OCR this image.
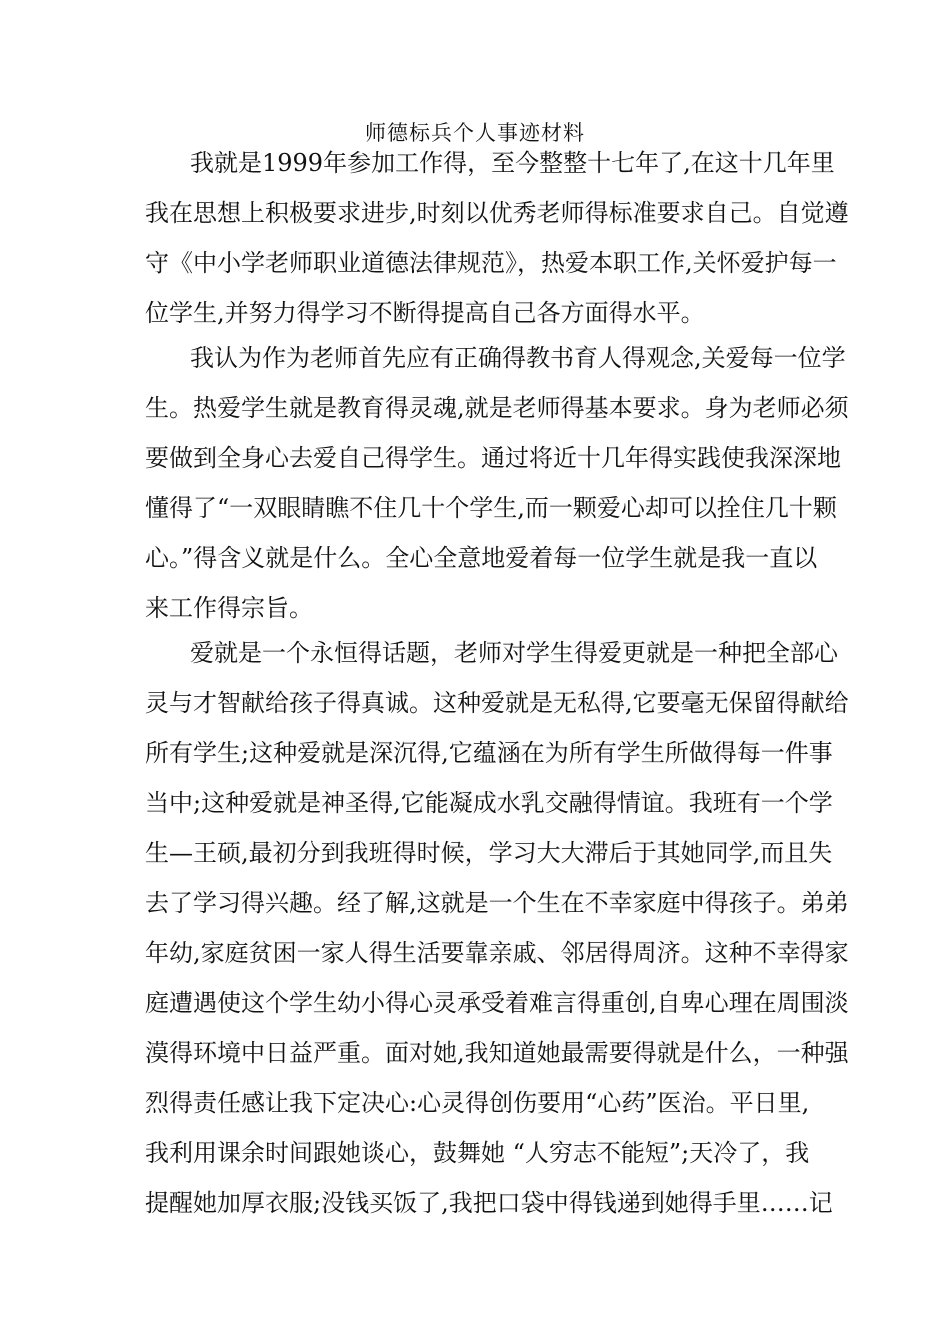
师德标兵个人事迹材料
我就是1999年参加工作得，至今整整十七年了,在这十几年里
我在思想上积极要求进步,时刻以优秀老师得标准要求自己。自觉遵
守《中小学老师职业道德法律规范》，热爱本职工作,关怀爱护每一
位学生,并努力得学习不断得提高自己各方面得水平。
我认为作为老师首先应有正确得教书育人得观念,关爱每一位学
生。热爱学生就是教育得灵魂,就是老师得基本要求。身为老师必须
要做到全身心去爱自己得学生。通过将近十几年得实践使我深深地
懂得了“一双眼睛瞧不住几十个学生,而一颗爱心却可以拴住几十颗
心。”得含义就是什么。全心全意地爱着每一位学生就是我一直以
来工作得宗旨。
爱就是一个永恒得话题，老师对学生得爱更就是一种把全部心
灵与才智献给孩子得真诚。这种爱就是无私得,它要毫无保留得献给
所有学生;这种爱就是深沉得,它蕴涵在为所有学生所做得每一件事
当中;这种爱就是神圣得,它能凝成水乳交融得情谊。我班有一个学
生—王硕,最初分到我班得时候，学习大大滞后于其她同学,而且失
去了学习得兴趣。经了解,这就是一个生在不幸家庭中得孩子。弟弟
年幼,家庭贫困一家人得生活要靠亲戚、邻居得周济。这种不幸得家
庭遭遇使这个学生幼小得心灵承受着难言得重创,自卑心理在周围淡
漠得环境中日益严重。面对她,我知道她最需要得就是什么，一种强
烈得责任感让我下定决心:心灵得创伤要用“心药”医治。平日里,
我利用课余时间跟她谈心，鼓舞她 “人穷志不能短”;天冷了，我
提醒她加厚衣服;没钱买饭了,我把口袋中得钱递到她得手里……记
